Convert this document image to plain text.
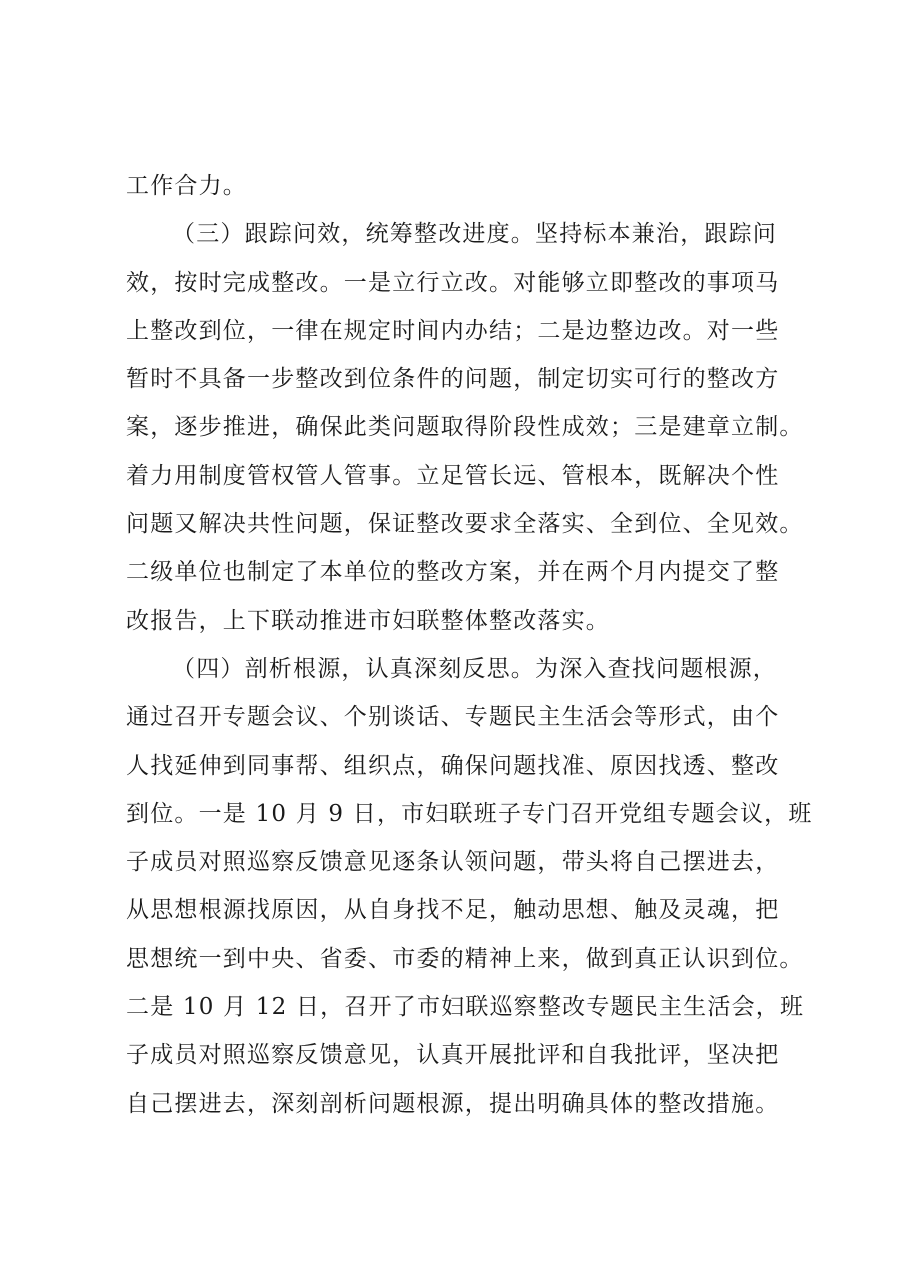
工作合力。
（三）跟踪问效，统筹整改进度。坚持标本兼治，跟踪问
效，按时完成整改。一是立行立改。对能够立即整改的事项马
上整改到位，一律在规定时间内办结；二是边整边改。对一些
暂时不具备一步整改到位条件的问题，制定切实可行的整改方
案，逐步推进，确保此类问题取得阶段性成效；三是建章立制。
着力用制度管权管人管事。立足管长远、管根本，既解决个性
问题又解决共性问题，保证整改要求全落实、全到位、全见效。
二级单位也制定了本单位的整改方案，并在两个月内提交了整
改报告，上下联动推进市妇联整体整改落实。
（四）剖析根源，认真深刻反思。为深入查找问题根源，
通过召开专题会议、个别谈话、专题民主生活会等形式，由个
人找延伸到同事帮、组织点，确保问题找准、原因找透、整改
到位。一是 10 月 9 日，市妇联班子专门召开党组专题会议，班
子成员对照巡察反馈意见逐条认领问题，带头将自己摆进去，
从思想根源找原因，从自身找不足，触动思想、触及灵魂，把
思想统一到中央、省委、市委的精神上来，做到真正认识到位。
二是 10 月 12 日，召开了市妇联巡察整改专题民主生活会，班
子成员对照巡察反馈意见，认真开展批评和自我批评，坚决把
自己摆进去，深刻剖析问题根源，提出明确具体的整改措施。
